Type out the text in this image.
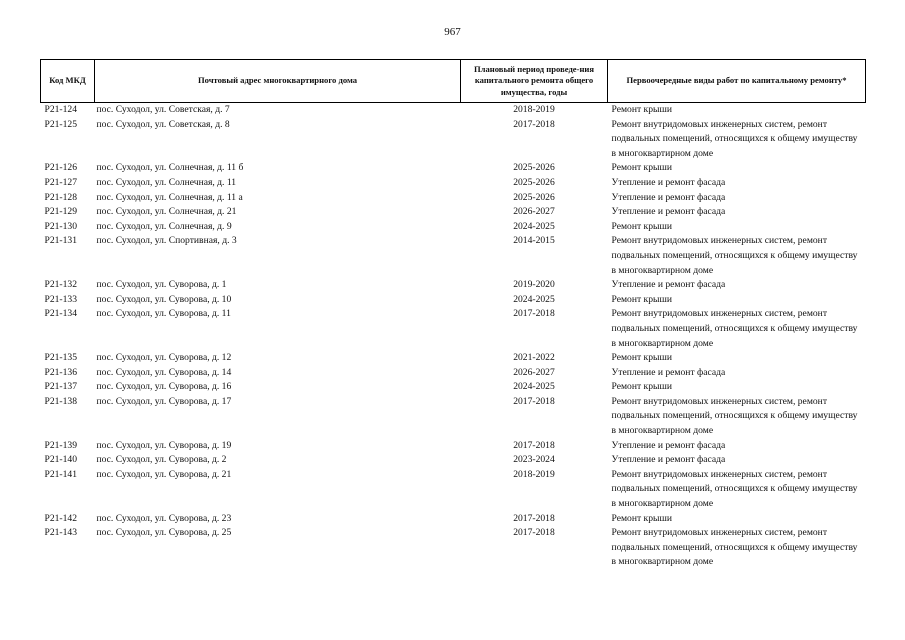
967
Код МКД	Почтовый адрес многоквартирного дома	Плановый период проведе-ния капитального ремонта общего имущества, годы	Первоочередные виды работ по капитальному ремонту*
Р21-124	пос. Суходол, ул. Советская, д. 7	2018-2019	Ремонт крыши
Р21-125	пос. Суходол, ул. Советская, д. 8	2017-2018	Ремонт внутридомовых инженерных систем, ремонт подвальных помещений, относящихся к общему имуществу в многоквартирном доме
Р21-126	пос. Суходол, ул. Солнечная, д. 11 б	2025-2026	Ремонт крыши
Р21-127	пос. Суходол, ул. Солнечная, д. 11	2025-2026	Утепление и ремонт фасада
Р21-128	пос. Суходол, ул. Солнечная, д. 11 а	2025-2026	Утепление и ремонт фасада
Р21-129	пос. Суходол, ул. Солнечная, д. 21	2026-2027	Утепление и ремонт фасада
Р21-130	пос. Суходол, ул. Солнечная, д. 9	2024-2025	Ремонт крыши
Р21-131	пос. Суходол, ул. Спортивная, д. 3	2014-2015	Ремонт внутридомовых инженерных систем, ремонт подвальных помещений, относящихся к общему имуществу в многоквартирном доме
Р21-132	пос. Суходол, ул. Суворова, д. 1	2019-2020	Утепление и ремонт фасада
Р21-133	пос. Суходол, ул. Суворова, д. 10	2024-2025	Ремонт крыши
Р21-134	пос. Суходол, ул. Суворова, д. 11	2017-2018	Ремонт внутридомовых инженерных систем, ремонт подвальных помещений, относящихся к общему имуществу в многоквартирном доме
Р21-135	пос. Суходол, ул. Суворова, д. 12	2021-2022	Ремонт крыши
Р21-136	пос. Суходол, ул. Суворова, д. 14	2026-2027	Утепление и ремонт фасада
Р21-137	пос. Суходол, ул. Суворова, д. 16	2024-2025	Ремонт крыши
Р21-138	пос. Суходол, ул. Суворова, д. 17	2017-2018	Ремонт внутридомовых инженерных систем, ремонт подвальных помещений, относящихся к общему имуществу в многоквартирном доме
Р21-139	пос. Суходол, ул. Суворова, д. 19	2017-2018	Утепление и ремонт фасада
Р21-140	пос. Суходол, ул. Суворова, д. 2	2023-2024	Утепление и ремонт фасада
Р21-141	пос. Суходол, ул. Суворова, д. 21	2018-2019	Ремонт внутридомовых инженерных систем, ремонт подвальных помещений, относящихся к общему имуществу в многоквартирном доме
Р21-142	пос. Суходол, ул. Суворова, д. 23	2017-2018	Ремонт крыши
Р21-143	пос. Суходол, ул. Суворова, д. 25	2017-2018	Ремонт внутридомовых инженерных систем, ремонт подвальных помещений, относящихся к общему имуществу в многоквартирном доме
